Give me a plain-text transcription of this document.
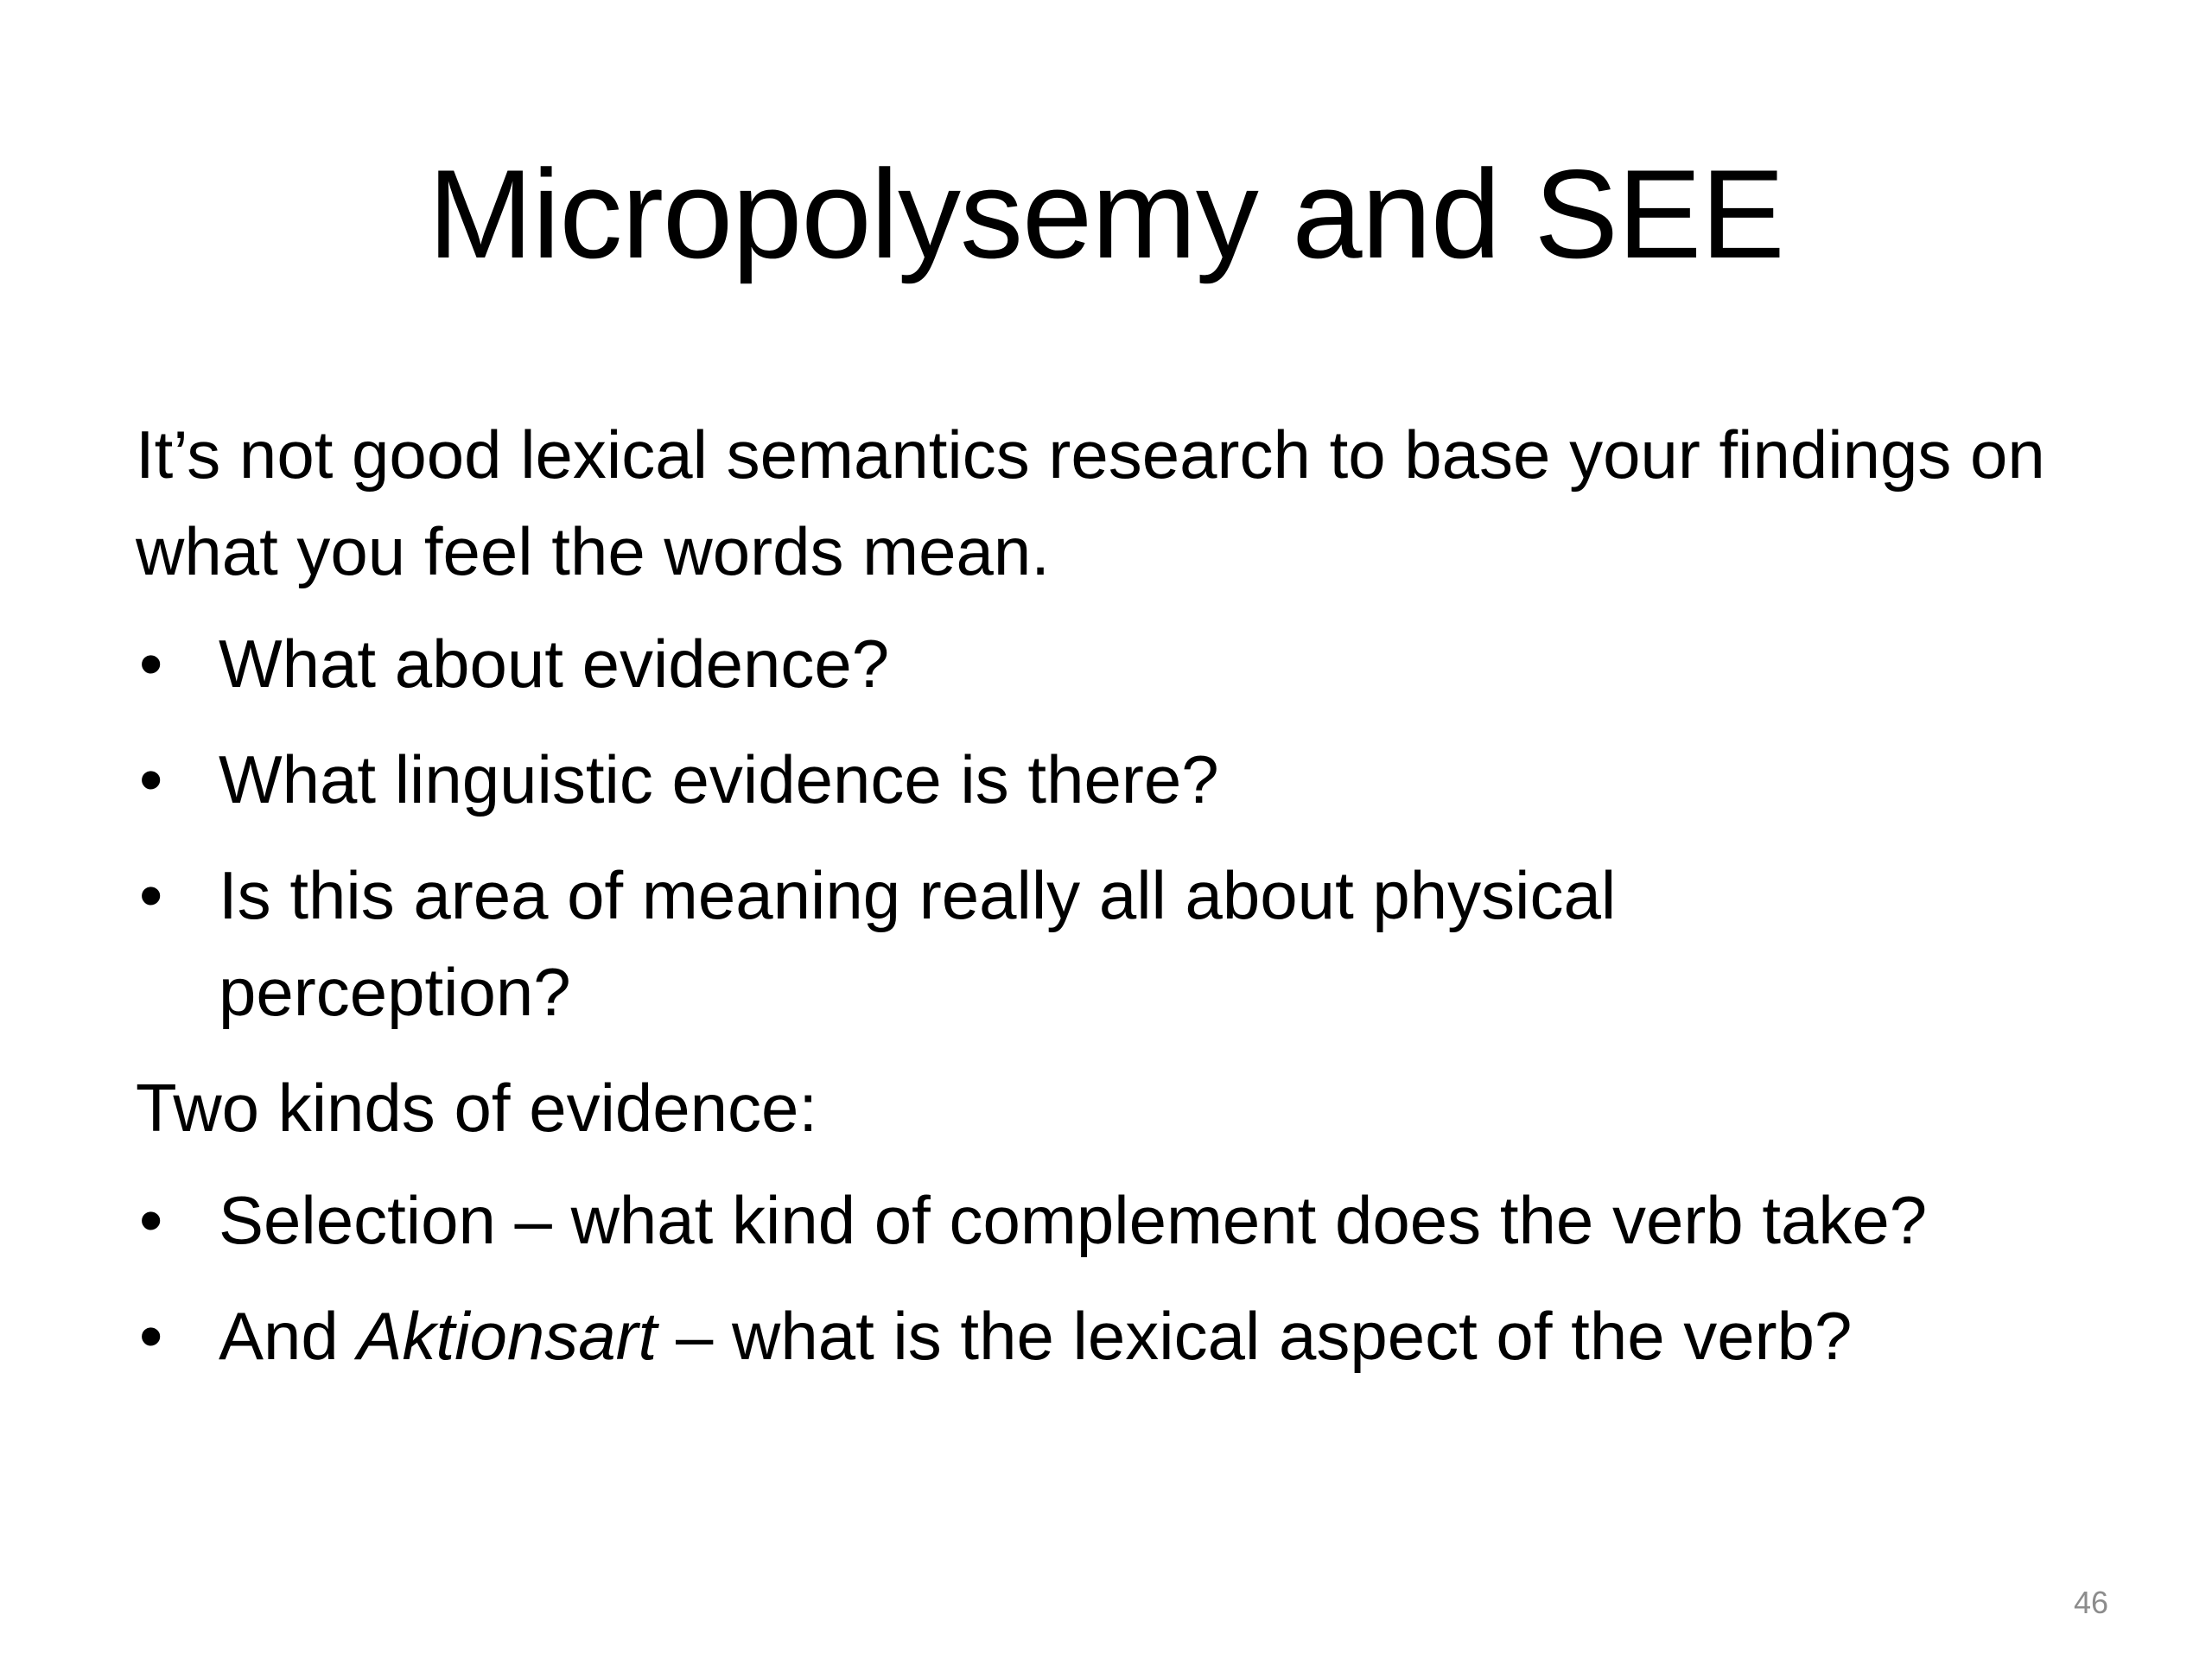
Micropolysemy and SEE

It’s not good lexical semantics research to base your findings on what you feel the words mean.

• What about evidence?
• What linguistic evidence is there?
• Is this area of meaning really all about physical perception?

Two kinds of evidence:

• Selection – what kind of complement does the verb take?
• And Aktionsart – what is the lexical aspect of the verb?
46
